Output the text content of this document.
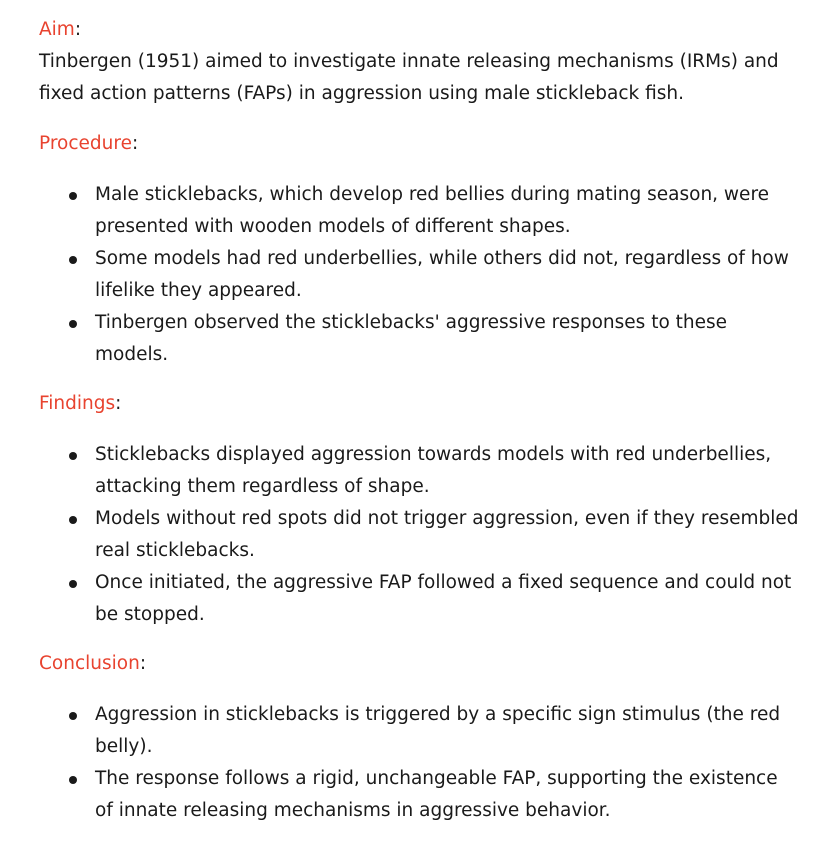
Aim:

Tinbergen (1951) aimed to investigate innate releasing mechanisms (IRMs) and fixed action patterns (FAPs) in aggression using male stickleback fish.

Procedure:

Male sticklebacks, which develop red bellies during mating season, were presented with wooden models of different shapes.
Some models had red underbellies, while others did not, regardless of how lifelike they appeared.
Tinbergen observed the sticklebacks' aggressive responses to these models.

Findings:

Sticklebacks displayed aggression towards models with red underbellies, attacking them regardless of shape.
Models without red spots did not trigger aggression, even if they resembled real sticklebacks.
Once initiated, the aggressive FAP followed a fixed sequence and could not be stopped.

Conclusion:

Aggression in sticklebacks is triggered by a specific sign stimulus (the red belly).
The response follows a rigid, unchangeable FAP, supporting the existence of innate releasing mechanisms in aggressive behavior.
